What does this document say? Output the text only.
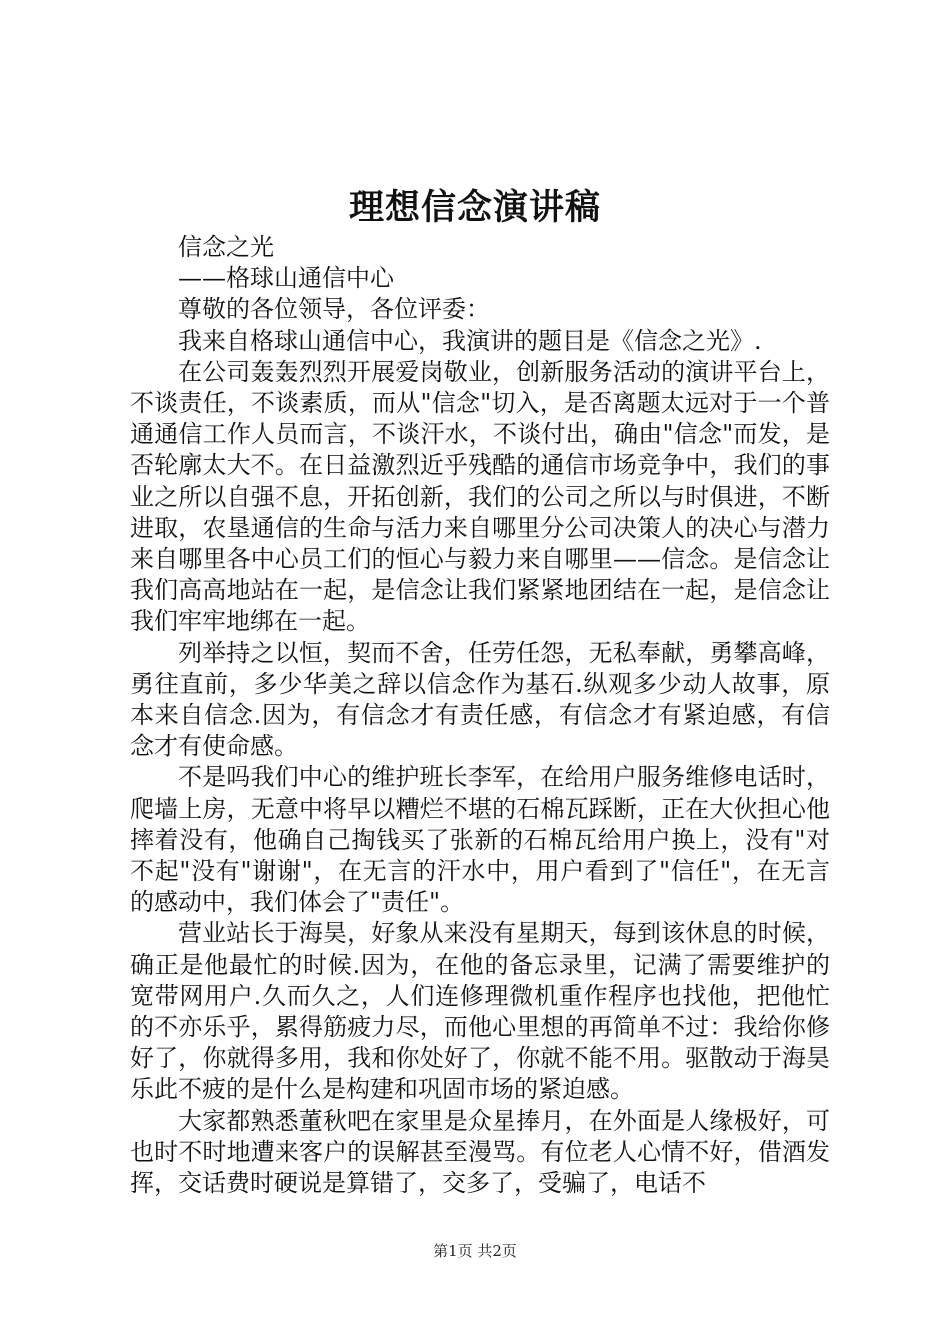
理想信念演讲稿

信念之光

——格球山通信中心

尊敬的各位领导，各位评委：

我来自格球山通信中心，我演讲的题目是《信念之光》.

在公司轰轰烈烈开展爱岗敬业，创新服务活动的演讲平台上，不谈责任，不谈素质，而从"信念"切入，是否离题太远对于一个普通通信工作人员而言，不谈汗水，不谈付出，确由"信念"而发，是否轮廓太大不。在日益激烈近乎残酷的通信市场竞争中，我们的事业之所以自强不息，开拓创新，我们的公司之所以与时俱进，不断进取，农垦通信的生命与活力来自哪里分公司决策人的决心与潜力来自哪里各中心员工们的恒心与毅力来自哪里——信念。是信念让我们高高地站在一起，是信念让我们紧紧地团结在一起，是信念让我们牢牢地绑在一起。

列举持之以恒，契而不舍，任劳任怨，无私奉献，勇攀高峰，勇往直前，多少华美之辞以信念作为基石.纵观多少动人故事，原本来自信念.因为，有信念才有责任感，有信念才有紧迫感，有信念才有使命感。

不是吗我们中心的维护班长李军，在给用户服务维修电话时，爬墙上房，无意中将早以糟烂不堪的石棉瓦踩断，正在大伙担心他摔着没有，他确自己掏钱买了张新的石棉瓦给用户换上，没有"对不起"没有"谢谢"，在无言的汗水中，用户看到了"信任"，在无言的感动中，我们体会了"责任"。

营业站长于海昊，好象从来没有星期天，每到该休息的时候，确正是他最忙的时候.因为，在他的备忘录里，记满了需要维护的宽带网用户.久而久之，人们连修理微机重作程序也找他，把他忙的不亦乐乎，累得筋疲力尽，而他心里想的再简单不过：我给你修好了，你就得多用，我和你处好了，你就不能不用。驱散动于海昊乐此不疲的是什么是构建和巩固市场的紧迫感。

大家都熟悉董秋吧在家里是众星捧月，在外面是人缘极好，可也时不时地遭来客户的误解甚至漫骂。有位老人心情不好，借酒发挥，交话费时硬说是算错了，交多了，受骗了，电话不

第1页 共2页
